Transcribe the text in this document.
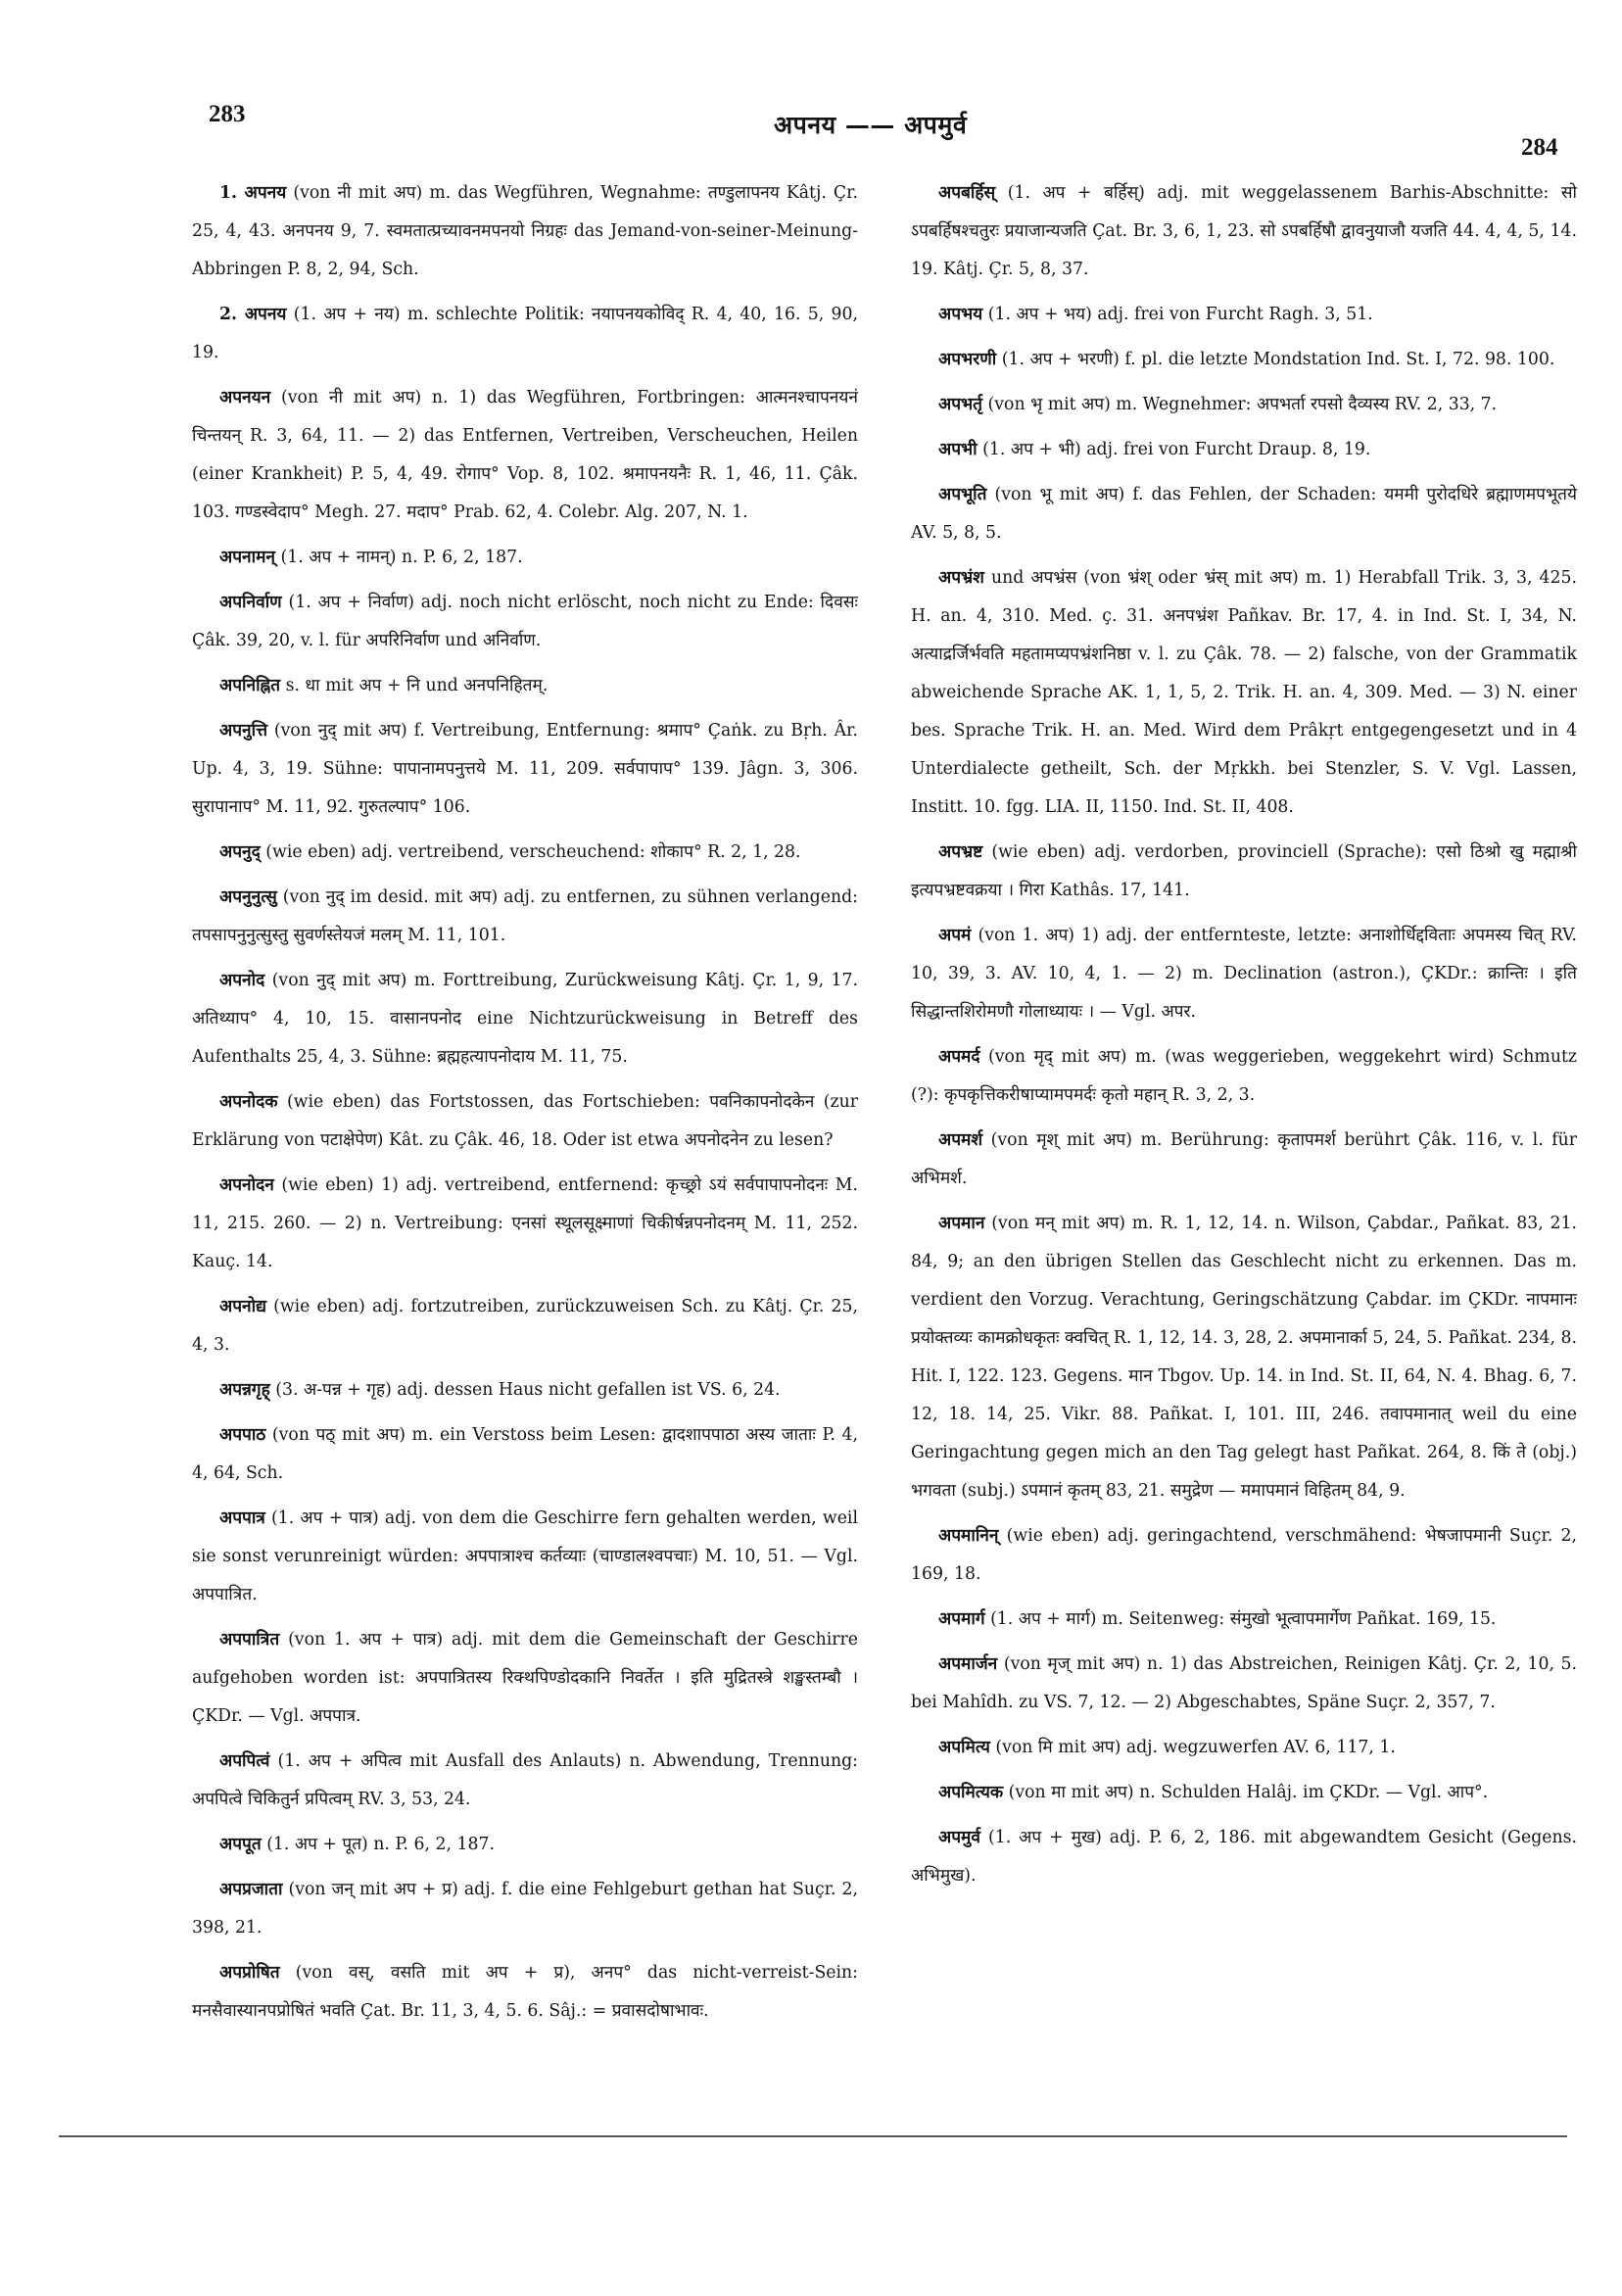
283	अपनय —— अपमुर्व
284

1. अपनय (von नी mit अप) m. das Wegführen, Wegnahme: तण्डुलापनय Kâtj. Çr. 25, 4, 43. अनपनय 9, 7. स्वमतात्प्रच्यावनमपनयो निग्रहः das Jemand-von-seiner-Meinung-Abbringen P. 8, 2, 94, Sch.

2. अपनय (1. अप + नय) m. schlechte Politik: नयापनयकोविद् R. 4, 40, 16. 5, 90, 19.

अपनयन (von नी mit अप) n. 1) das Wegführen, Fortbringen: आत्मनश्चापनयनं चिन्तयन् R. 3, 64, 11. — 2) das Entfernen, Vertreiben, Verscheuchen, Heilen (einer Krankheit) P. 5, 4, 49. रोगाप° Vop. 8, 102. श्रमापनयनैः R. 1, 46, 11. Çâk. 103. गण्डस्वेदाप° Megh. 27. मदाप° Prab. 62, 4. Colebr. Alg. 207, N. 1.

अपनामन् (1. अप + नामन्) n. P. 6, 2, 187.

अपनिर्वाण (1. अप + निर्वाण) adj. noch nicht erlöscht, noch nicht zu Ende: दिवसः Çâk. 39, 20, v. l. für अपरिनिर्वाण und अनिर्वाण.

अपनिह्नित s. धा mit अप + नि und अनपनिहितम्.

अपनुत्ति (von नुद् mit अप) f. Vertreibung, Entfernung: श्रमाप° Çaṅk. zu Bṛh. Âr. Up. 4, 3, 19. Sühne: पापानामपनुत्तये M. 11, 209. सर्वपापाप° 139. Jâgn. 3, 306. सुरापानाप° M. 11, 92. गुरुतल्पाप° 106.

अपनुद् (wie eben) adj. vertreibend, verscheuchend: शोकाप° R. 2, 1, 28.

अपनुनुत्सु (von नुद् im desid. mit अप) adj. zu entfernen, zu sühnen verlangend: तपसापनुनुत्सुस्तु सुवर्णस्तेयजं मलम् M. 11, 101.

अपनोद (von नुद् mit अप) m. Forttreibung, Zurückweisung Kâtj. Çr. 1, 9, 17. अतिथ्याप° 4, 10, 15. वासानपनोद eine Nichtzurückweisung in Betreff des Aufenthalts 25, 4, 3. Sühne: ब्रह्महत्यापनोदाय M. 11, 75.

अपनोदक (wie eben) das Fortstossen, das Fortschieben: पवनिकापनोदकेन (zur Erklärung von पटाक्षेपेण) Kât. zu Çâk. 46, 18. Oder ist etwa अपनोदनेन zu lesen?

अपनोदन (wie eben) 1) adj. vertreibend, entfernend: कृच्छ्रो ऽयं सर्वपापापनोदनः M. 11, 215. 260. — 2) n. Vertreibung: एनसां स्थूलसूक्ष्माणां चिकीर्षन्नपनोदनम् M. 11, 252. Kauç. 14.

अपनोद्य (wie eben) adj. fortzutreiben, zurückzuweisen Sch. zu Kâtj. Çr. 25, 4, 3.

अपन्नगृह् (3. अ-पन्न + गृह) adj. dessen Haus nicht gefallen ist VS. 6, 24.

अपपाठ (von पठ् mit अप) m. ein Verstoss beim Lesen: द्वादशापपाठा अस्य जाताः P. 4, 4, 64, Sch.

अपपात्र (1. अप + पात्र) adj. von dem die Geschirre fern gehalten werden, weil sie sonst verunreinigt würden: अपपात्राश्च कर्तव्याः (चाण्डालश्वपचाः) M. 10, 51. — Vgl. अपपात्रित.

अपपात्रित (von 1. अप + पात्र) adj. mit dem die Gemeinschaft der Geschirre aufgehoben worden ist: अपपात्रितस्य रिक्थपिण्डोदकानि निवर्तेत । इति मुद्रितस्त्रे शङ्खस्तम्बौ । ÇKDr. — Vgl. अपपात्र.

अपपित्वं (1. अप + अपित्व mit Ausfall des Anlauts) n. Abwendung, Trennung: अपपित्वे चिकितुर्न प्रपित्वम् RV. 3, 53, 24.

अपपूत (1. अप + पूत) n. P. 6, 2, 187.

अपप्रजाता (von जन् mit अप + प्र) adj. f. die eine Fehlgeburt gethan hat Suçr. 2, 398, 21.

अपप्रोषित (von वस्, वसति mit अप + प्र), अनप° das nicht-verreist-Sein: मनसैवास्यानपप्रोषितं भवति Çat. Br. 11, 3, 4, 5. 6. Sâj.: = प्रवासदोषाभावः.

अपबर्हिस् (1. अप + बर्हिस्) adj. mit weggelassenem Barhis-Abschnitte: सो ऽपबर्हिषश्चतुरः प्रयाजान्यजति Çat. Br. 3, 6, 1, 23. सो ऽपबर्हिषौ द्वावनुयाजौ यजति 44. 4, 4, 5, 14. 19. Kâtj. Çr. 5, 8, 37.

अपभय (1. अप + भय) adj. frei von Furcht Ragh. 3, 51.

अपभरणी (1. अप + भरणी) f. pl. die letzte Mondstation Ind. St. I, 72. 98. 100.

अपभर्तृ (von भृ mit अप) m. Wegnehmer: अपभर्ता रपसो दैव्यस्य RV. 2, 33, 7.

अपभी (1. अप + भी) adj. frei von Furcht Draup. 8, 19.

अपभूति (von भू mit अप) f. das Fehlen, der Schaden: यममी पुरोदधिरे ब्रह्माणमपभूतये AV. 5, 8, 5.

अपभ्रंश und अपभ्रंस (von भ्रंश् oder भ्रंस् mit अप) m. 1) Herabfall Trik. 3, 3, 425. H. an. 4, 310. Med. ç. 31. अनपभ्रंश Pañkav. Br. 17, 4. in Ind. St. I, 34, N. अत्याद्रर्जिर्भवति महतामप्यपभ्रंशनिष्ठा v. l. zu Çâk. 78. — 2) falsche, von der Grammatik abweichende Sprache AK. 1, 1, 5, 2. Trik. H. an. 4, 309. Med. — 3) N. einer bes. Sprache Trik. H. an. Med. Wird dem Prâkṛt entgegengesetzt und in 4 Unterdialecte getheilt, Sch. der Mṛkkh. bei Stenzler, S. V. Vgl. Lassen, Institt. 10. fgg. LIA. II, 1150. Ind. St. II, 408.

अपभ्रष्ट (wie eben) adj. verdorben, provinciell (Sprache): एसो ठिश्रो खु मह्माश्री इत्यपभ्रष्टवक्रया । गिरा Kathâs. 17, 141.

अपमं (von 1. अप) 1) adj. der entfernteste, letzte: अनाशोर्धिद्दविताः अपमस्य चित् RV. 10, 39, 3. AV. 10, 4, 1. — 2) m. Declination (astron.), ÇKDr.: क्रान्तिः । इति सिद्धान्तशिरोमणौ गोलाध्यायः । — Vgl. अपर.

अपमर्द (von मृद् mit अप) m. (was weggerieben, weggekehrt wird) Schmutz (?): कृपकृत्तिकरीषाप्यामपमर्दः कृतो महान् R. 3, 2, 3.

अपमर्श (von मृश् mit अप) m. Berührung: कृतापमर्श berührt Çâk. 116, v. l. für अभिमर्श.

अपमान (von मन् mit अप) m. R. 1, 12, 14. n. Wilson, Çabdar., Pañkat. 83, 21. 84, 9; an den übrigen Stellen das Geschlecht nicht zu erkennen. Das m. verdient den Vorzug. Verachtung, Geringschätzung Çabdar. im ÇKDr. नापमानः प्रयोक्तव्यः कामक्रोधकृतः क्वचित् R. 1, 12, 14. 3, 28, 2. अपमानार्का 5, 24, 5. Pañkat. 234, 8. Hit. I, 122. 123. Gegens. मान Tbgov. Up. 14. in Ind. St. II, 64, N. 4. Bhag. 6, 7. 12, 18. 14, 25. Vikr. 88. Pañkat. I, 101. III, 246. तवापमानात् weil du eine Geringachtung gegen mich an den Tag gelegt hast Pañkat. 264, 8. किं ते (obj.) भगवता (subj.) ऽपमानं कृतम् 83, 21. समुद्रेण — ममापमानं विहितम् 84, 9.

अपमानिन् (wie eben) adj. geringachtend, verschmähend: भेषजापमानी Suçr. 2, 169, 18.

अपमार्ग (1. अप + मार्ग) m. Seitenweg: संमुखो भूत्वापमार्गेण Pañkat. 169, 15.

अपमार्जन (von मृज् mit अप) n. 1) das Abstreichen, Reinigen Kâtj. Çr. 2, 10, 5. bei Mahîdh. zu VS. 7, 12. — 2) Abgeschabtes, Späne Suçr. 2, 357, 7.

अपमित्य (von मि mit अप) adj. wegzuwerfen AV. 6, 117, 1.

अपमित्यक (von मा mit अप) n. Schulden Halâj. im ÇKDr. — Vgl. आप°.

अपमुर्व (1. अप + मुख) adj. P. 6, 2, 186. mit abgewandtem Gesicht (Gegens. अभिमुख).
